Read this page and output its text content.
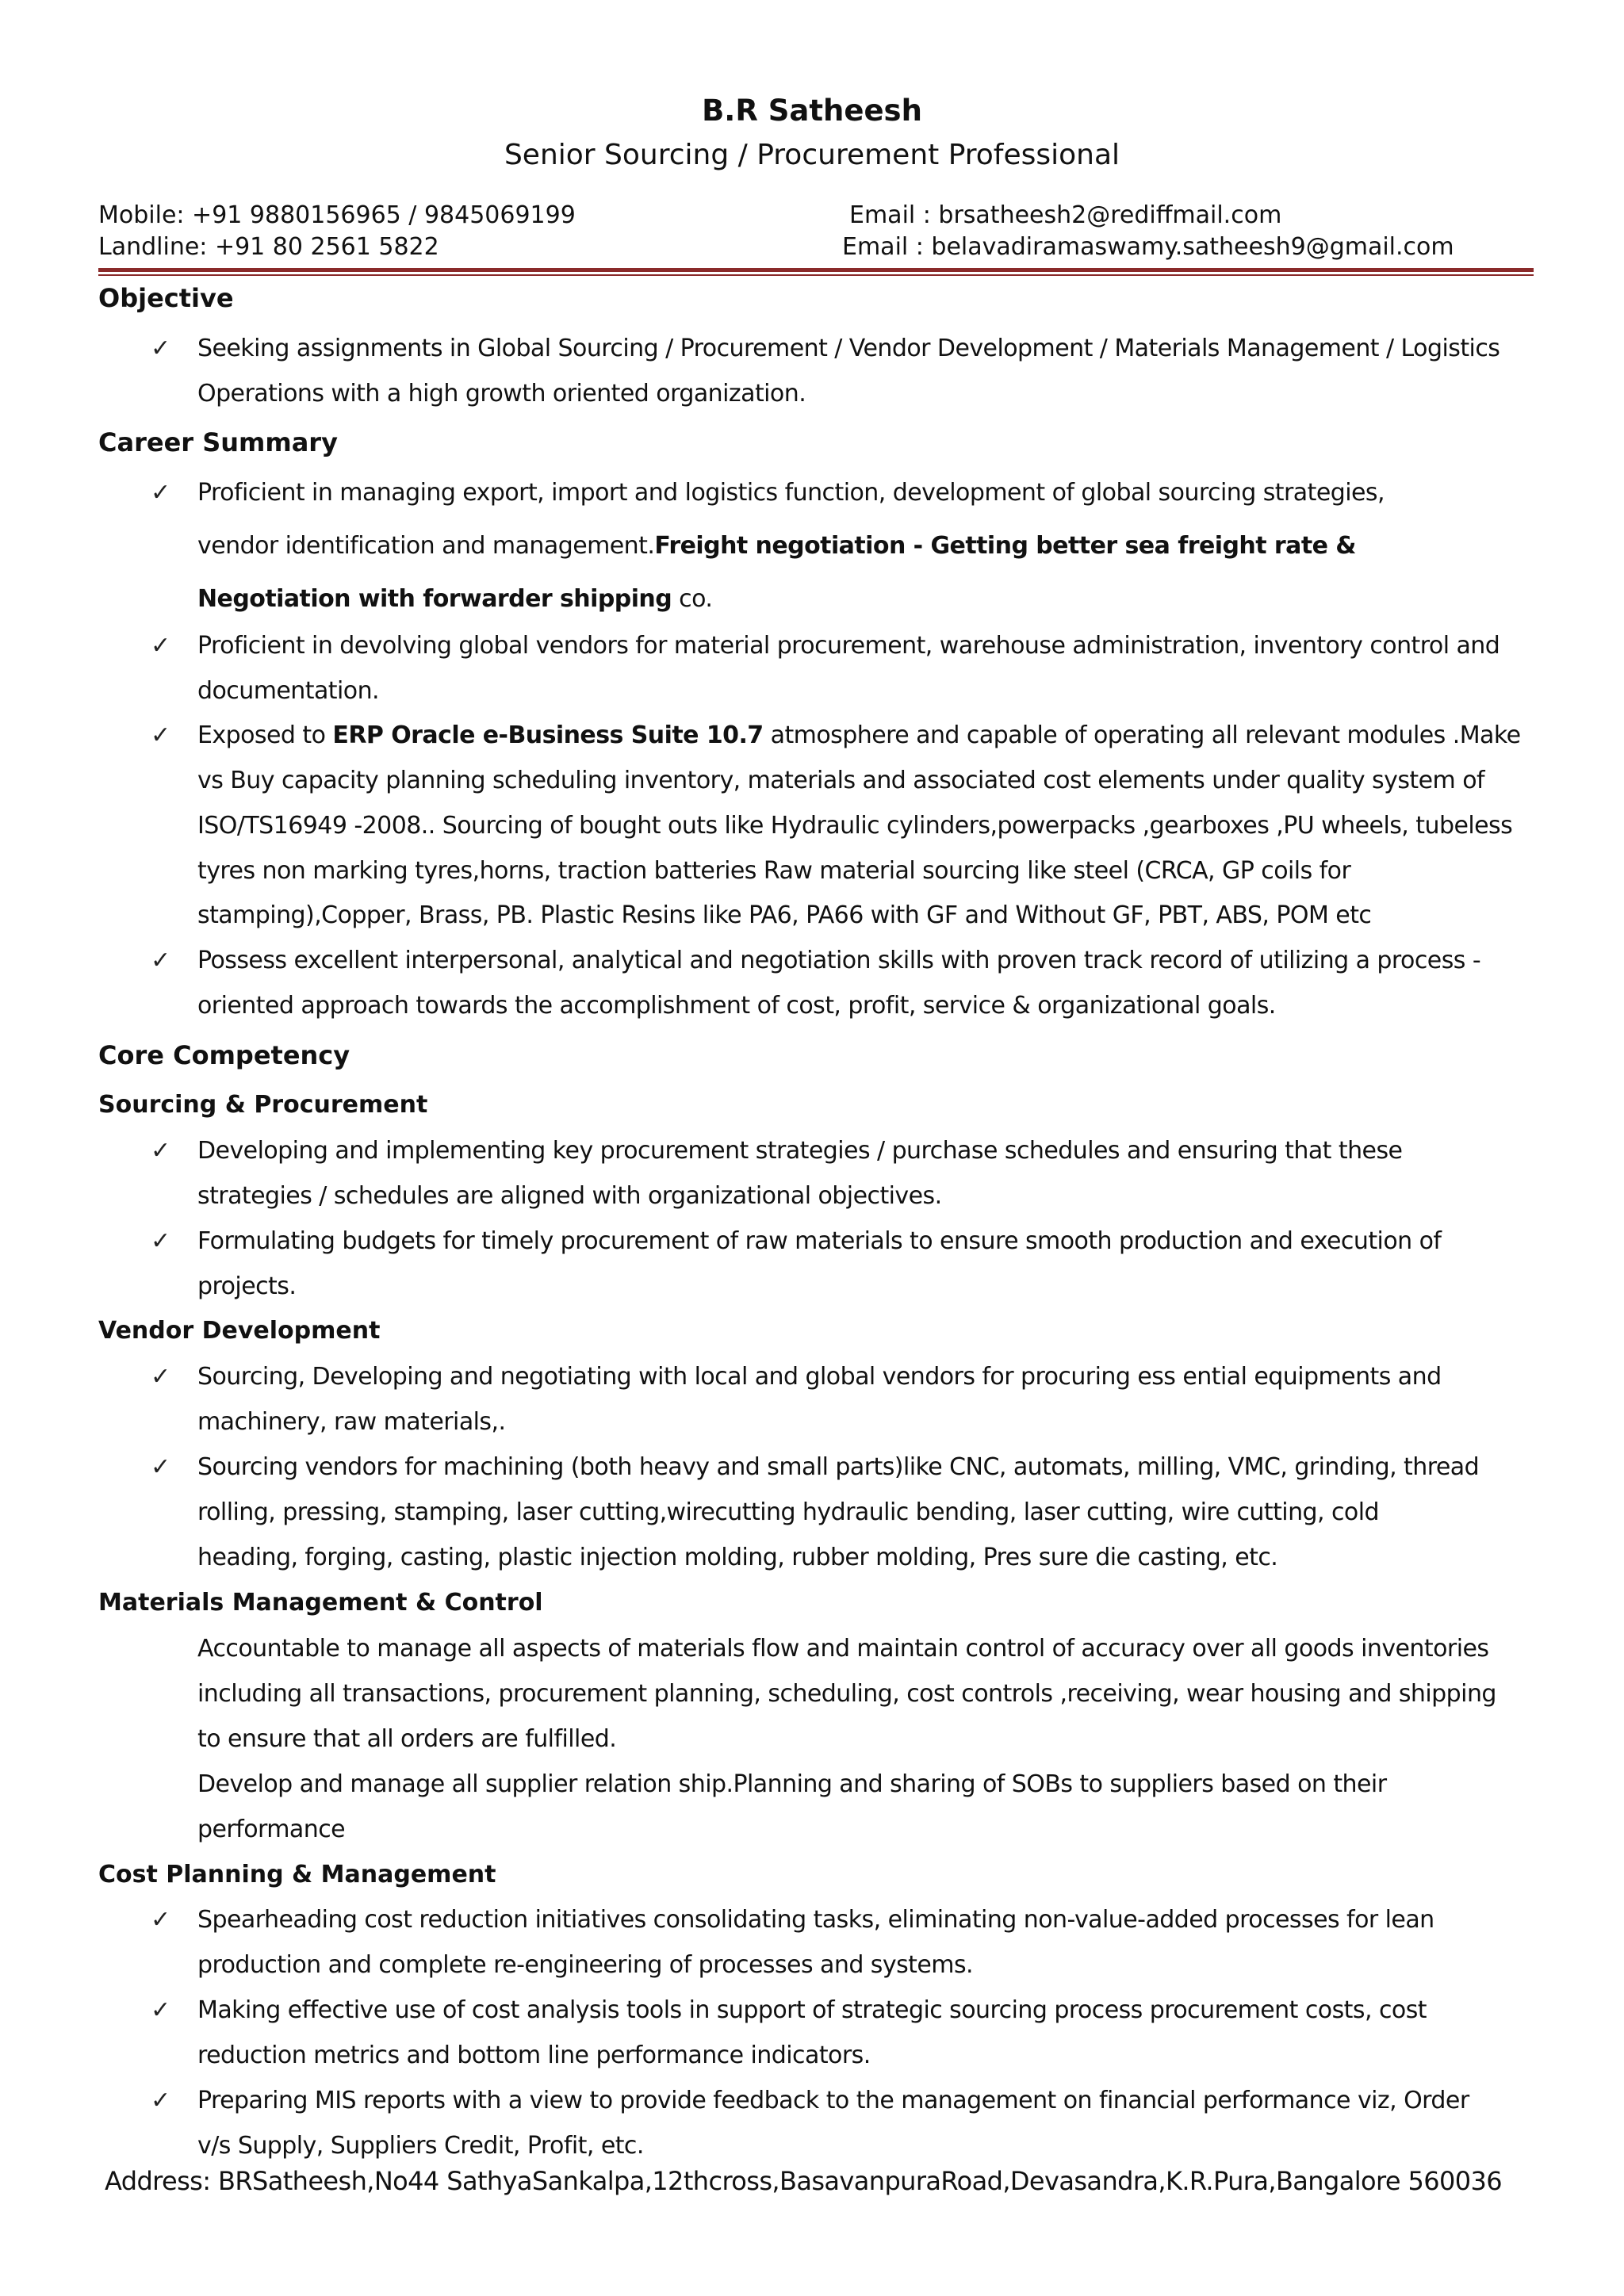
B.R Satheesh
Senior Sourcing / Procurement Professional
Mobile: +91 9880156965 / 9845069199
Landline: +91 80 2561 5822
Email : brsatheesh2@rediffmail.com
Email : belavadiramaswamy.satheesh9@gmail.com
Objective
✓ Seeking assignments in Global Sourcing / Procurement / Vendor Development / Materials Management / Logistics
Operations with a high growth oriented organization.
Career Summary
✓ Proficient in managing export, import and logistics function, development of global sourcing strategies,
vendor identification and management.Freight negotiation - Getting better sea freight rate &
Negotiation with forwarder shipping co.
✓ Proficient in devolving global vendors for material procurement, warehouse administration, inventory control and
documentation.
✓ Exposed to ERP Oracle e-Business Suite 10.7 atmosphere and capable of operating all relevant modules .Make
vs Buy capacity planning scheduling inventory, materials and associated cost elements under quality system of
ISO/TS16949 -2008.. Sourcing of bought outs like Hydraulic cylinders,powerpacks ,gearboxes ,PU wheels, tubeless
tyres non marking tyres,horns, traction batteries Raw material sourcing like steel (CRCA, GP coils for
stamping),Copper, Brass, PB. Plastic Resins like PA6, PA66 with GF and Without GF, PBT, ABS, POM etc
✓ Possess excellent interpersonal, analytical and negotiation skills with proven track record of utilizing a process -
oriented approach towards the accomplishment of cost, profit, service & organizational goals.
Core Competency
Sourcing & Procurement
✓ Developing and implementing key procurement strategies / purchase schedules and ensuring that these
strategies / schedules are aligned with organizational objectives.
✓ Formulating budgets for timely procurement of raw materials to ensure smooth production and execution of
projects.
Vendor Development
✓ Sourcing, Developing and negotiating with local and global vendors for procuring ess ential equipments and
machinery, raw materials,.
✓ Sourcing vendors for machining (both heavy and small parts)like CNC, automats, milling, VMC, grinding, thread
rolling, pressing, stamping, laser cutting,wirecutting hydraulic bending, laser cutting, wire cutting, cold
heading, forging, casting, plastic injection molding, rubber molding, Pres sure die casting, etc.
Materials Management & Control
Accountable to manage all aspects of materials flow and maintain control of accuracy over all goods inventories
including all transactions, procurement planning, scheduling, cost controls ,receiving, wear housing and shipping
to ensure that all orders are fulfilled.
Develop and manage all supplier relation ship.Planning and sharing of SOBs to suppliers based on their
performance
Cost Planning & Management
✓ Spearheading cost reduction initiatives consolidating tasks, eliminating non-value-added processes for lean
production and complete re-engineering of processes and systems.
✓ Making effective use of cost analysis tools in support of strategic sourcing process procurement costs, cost
reduction metrics and bottom line performance indicators.
✓ Preparing MIS reports with a view to provide feedback to the management on financial performance viz, Order
v/s Supply, Suppliers Credit, Profit, etc.
Address: BRSatheesh,No44 SathyaSankalpa,12thcross,BasavanpuraRoad,Devasandra,K.R.Pura,Bangalore 560036
